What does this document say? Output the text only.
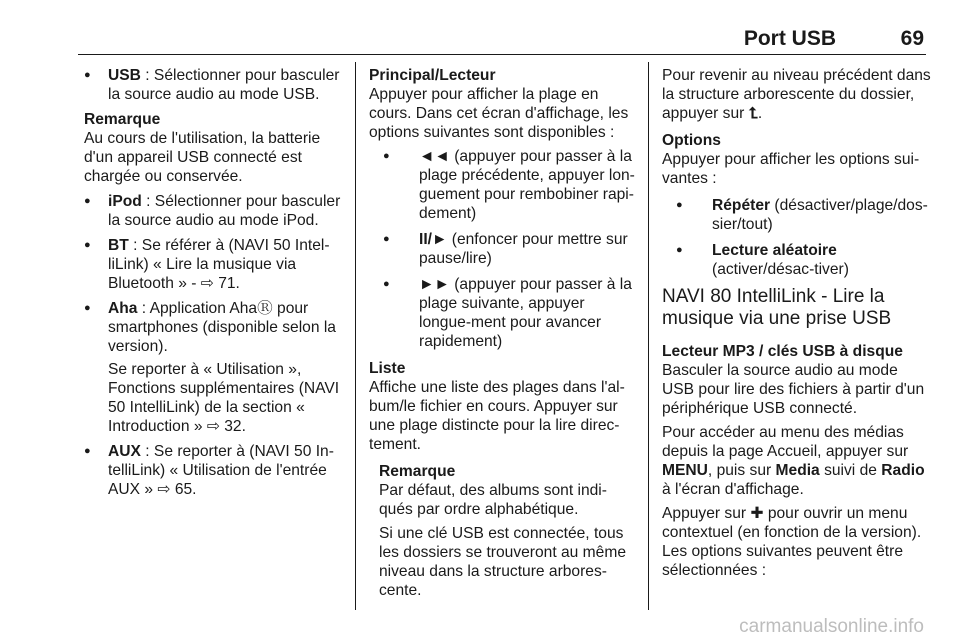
Port USB	69
● USB : Sélectionner pour basculer la source audio au mode USB.
Remarque
Au cours de l'utilisation, la batterie d'un appareil USB connecté est chargée ou conservée.
● iPod : Sélectionner pour basculer la source audio au mode iPod.
● BT : Se référer à (NAVI 50 Intel-liLink) « Lire la musique via Bluetooth » - ⇨ 71.
● Aha : Application AhaⓇ pour smartphones (disponible selon la version).
Se reporter à « Utilisation », Fonctions supplémentaires (NAVI 50 IntelliLink) de la section « Introduction » ⇨ 32.
● AUX : Se reporter à (NAVI 50 In-telliLink) « Utilisation de l'entrée AUX » ⇨ 65.
Principal/Lecteur

Appuyer pour afficher la plage en cours. Dans cet écran d'affichage, les options suivantes sont disponibles :

● ◄◄ (appuyer pour passer à la plage précédente, appuyer lon-guement pour rembobiner rapi-dement)
● II/► (enfoncer pour mettre sur pause/lire)
● ►► (appuyer pour passer à la plage suivante, appuyer longue-ment pour avancer rapidement)
Liste

Affiche une liste des plages dans l'al-bum/le fichier en cours. Appuyer sur une plage distincte pour la lire direc-tement.

Remarque

Par défaut, des albums sont indi-qués par ordre alphabétique.

Si une clé USB est connectée, tous les dossiers se trouveront au même niveau dans la structure arbores-cente.

Pour revenir au niveau précédent dans la structure arborescente du dossier, appuyer sur ⮤.

Options

Appuyer pour afficher les options sui-vantes :

● Répéter (désactiver/plage/dos-sier/tout)
● Lecture aléatoire (activer/désac-tiver)
NAVI 80 IntelliLink - Lire la musique via une prise USB
Lecteur MP3 / clés USB à disque

Basculer la source audio au mode USB pour lire des fichiers à partir d'un périphérique USB connecté.

Pour accéder au menu des médias depuis la page Accueil, appuyer sur MENU, puis sur Media suivi de Radio à l'écran d'affichage.

Appuyer sur ✚ pour ouvrir un menu contextuel (en fonction de la version). Les options suivantes peuvent être sélectionnées :

carmanualsonline.info
